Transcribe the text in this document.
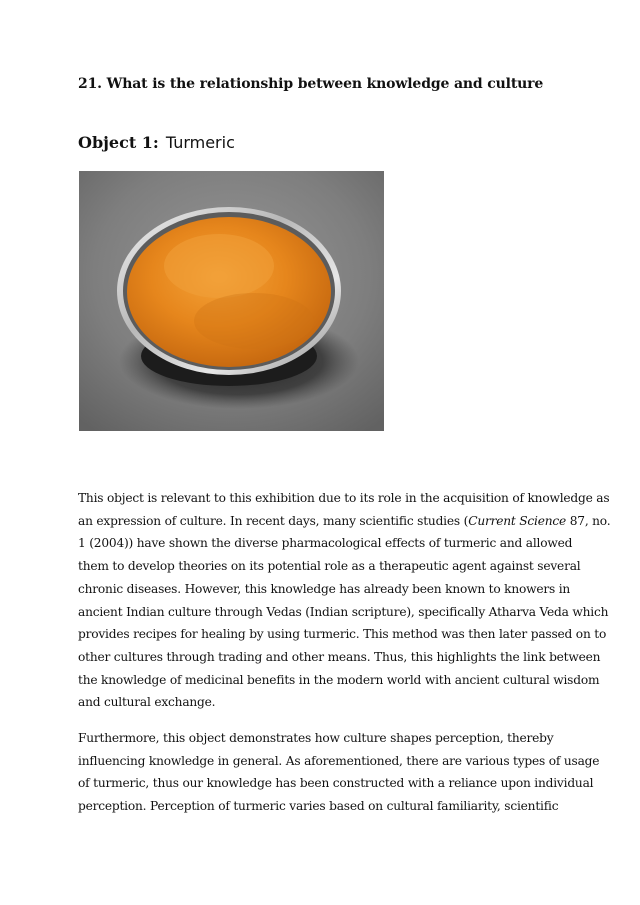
21. What is the relationship between knowledge and culture
Object 1: Turmeric

This object is relevant to this exhibition due to its role in the acquisition of knowledge as
an expression of culture. In recent days, many scientific studies (Current Science 87, no.
1 (2004)) have shown the diverse pharmacological effects of turmeric and allowed
them to develop theories on its potential role as a therapeutic agent against several
chronic diseases. However, this knowledge has already been known to knowers in
ancient Indian culture through Vedas (Indian scripture), specifically Atharva Veda which
provides recipes for healing by using turmeric. This method was then later passed on to
other cultures through trading and other means. Thus, this highlights the link between
the knowledge of medicinal benefits in the modern world with ancient cultural wisdom
and cultural exchange.

Furthermore, this object demonstrates how culture shapes perception, thereby
influencing knowledge in general. As aforementioned, there are various types of usage
of turmeric, thus our knowledge has been constructed with a reliance upon individual
perception. Perception of turmeric varies based on cultural familiarity, scientific
